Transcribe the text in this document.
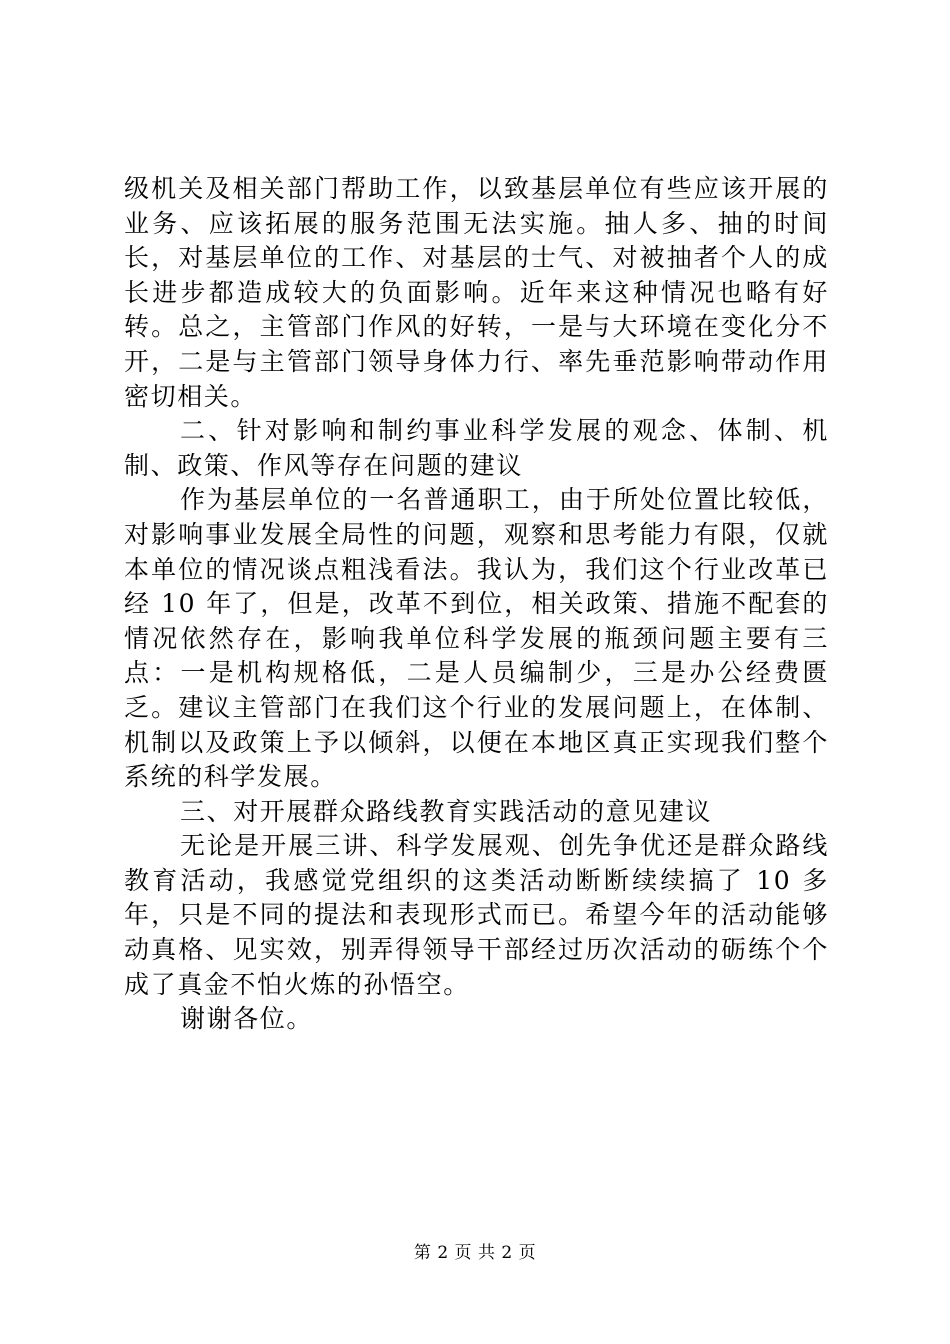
级机关及相关部门帮助工作，以致基层单位有些应该开展的业务、应该拓展的服务范围无法实施。抽人多、抽的时间长，对基层单位的工作、对基层的士气、对被抽者个人的成长进步都造成较大的负面影响。近年来这种情况也略有好转。总之，主管部门作风的好转，一是与大环境在变化分不开，二是与主管部门领导身体力行、率先垂范影响带动作用密切相关。

二、针对影响和制约事业科学发展的观念、体制、机制、政策、作风等存在问题的建议

作为基层单位的一名普通职工，由于所处位置比较低，对影响事业发展全局性的问题，观察和思考能力有限，仅就本单位的情况谈点粗浅看法。我认为，我们这个行业改革已经 10 年了，但是，改革不到位，相关政策、措施不配套的情况依然存在，影响我单位科学发展的瓶颈问题主要有三点：一是机构规格低，二是人员编制少，三是办公经费匮乏。建议主管部门在我们这个行业的发展问题上，在体制、机制以及政策上予以倾斜，以便在本地区真正实现我们整个系统的科学发展。

三、对开展群众路线教育实践活动的意见建议

无论是开展三讲、科学发展观、创先争优还是群众路线教育活动，我感觉党组织的这类活动断断续续搞了 10 多年，只是不同的提法和表现形式而已。希望今年的活动能够动真格、见实效，别弄得领导干部经过历次活动的砺练个个成了真金不怕火炼的孙悟空。

谢谢各位。

第 2 页 共 2 页
